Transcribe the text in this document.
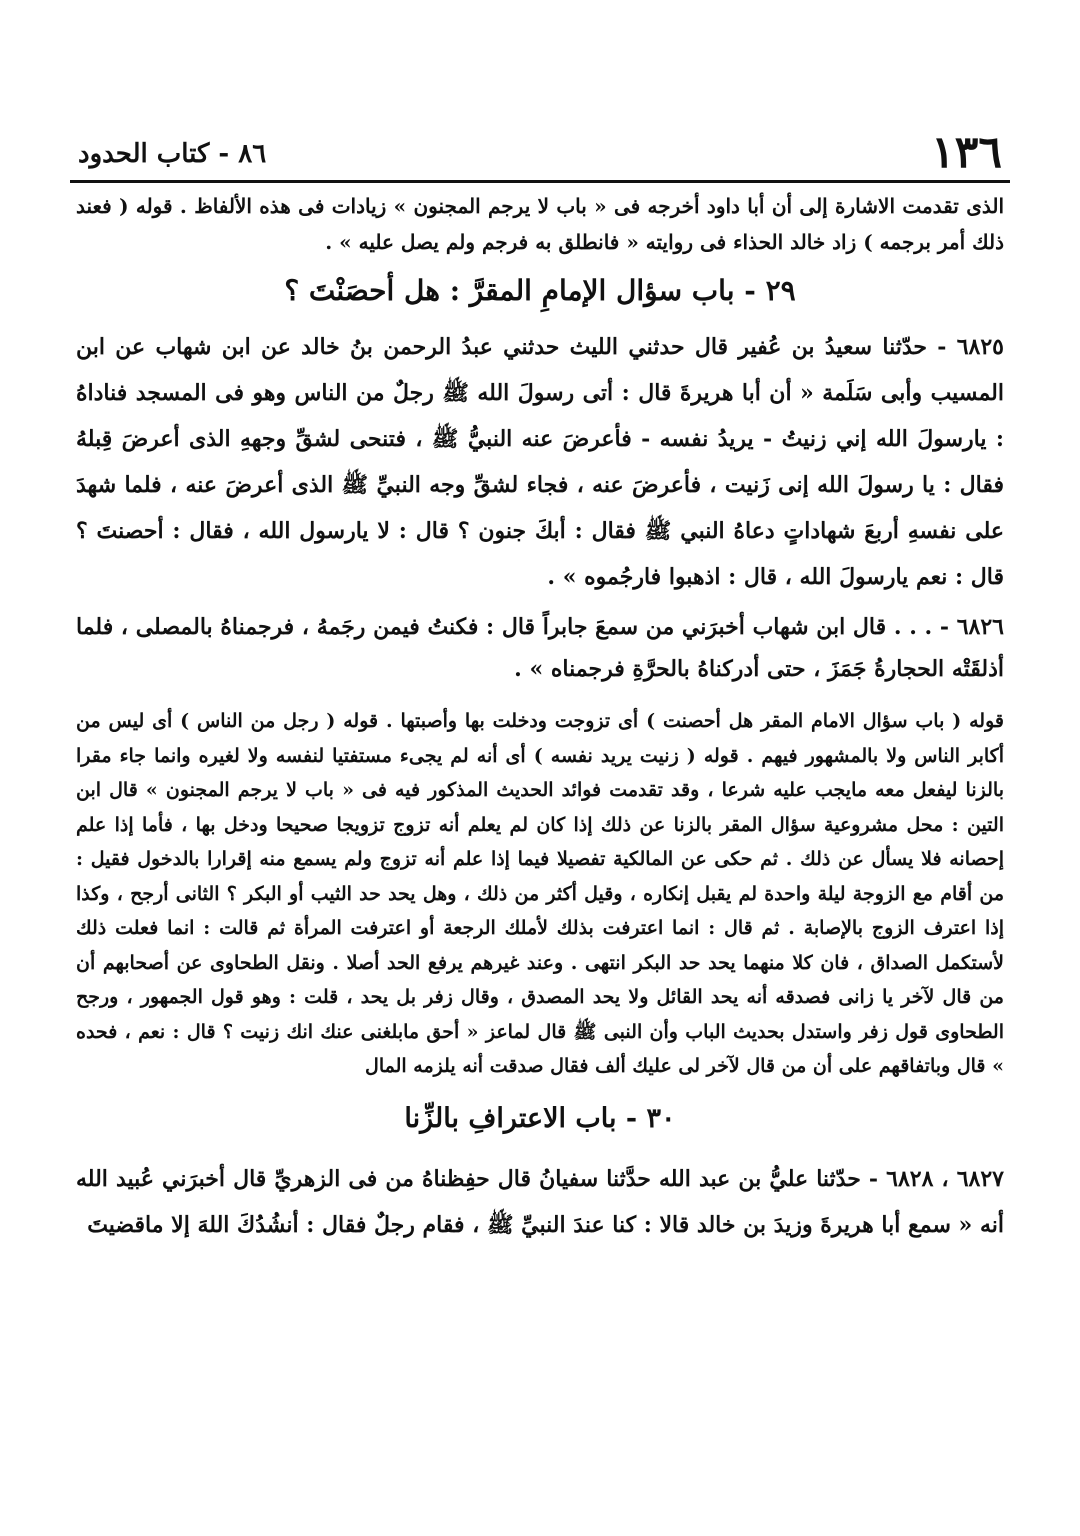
١٣٦
٨٦ - كتاب الحدود

الذى تقدمت الاشارة إلى أن أبا داود أخرجه فى « باب لا يرجم المجنون » زيادات فى هذه الألفاظ . قوله ( فعند ذلك أمر برجمه ) زاد خالد الحذاء فى روايته « فانطلق به فرجم ولم يصل عليه » .

٢٩ - باب سؤال الإمامِ المقرَّ : هل أحصَنْتَ ؟

٦٨٢٥ - حدّثنا سعيدُ بن عُفير قال حدثني الليث حدثني عبدُ الرحمن بنُ خالد عن ابن شهاب عن ابن المسيب وأبى سَلَمة « أن أبا هريرةَ قال : أتى رسولَ الله ﷺ رجلٌ من الناس وهو فى المسجد فناداهُ : يارسولَ الله إني زنيتُ - يريدُ نفسه - فأعرضَ عنه النبيُّ ﷺ ، فتنحى لشقِّ وجههِ الذى أعرضَ قِبلهُ فقال : يا رسولَ الله إنى زَنيت ، فأعرضَ عنه ، فجاء لشقِّ وجه النبيِّ ﷺ الذى أعرضَ عنه ، فلما شهدَ على نفسهِ أربعَ شهاداتٍ دعاهُ النبي ﷺ فقال : أبكَ جنون ؟ قال : لا يارسول الله ، فقال : أحصنتَ ؟ قال : نعم يارسولَ الله ، قال : اذهبوا فارجُموه » .

٦٨٢٦ - . . . قال ابن شهاب أخبرَني من سمعَ جابراً قال : فكنتُ فيمن رجَمهُ ، فرجمناهُ بالمصلى ، فلما أذلقَتْه الحجارةُ جَمَزَ ، حتى أدركناهُ بالحرَّةِ فرجمناه » .

قوله ( باب سؤال الامام المقر هل أحصنت ) أى تزوجت ودخلت بها وأصبتها . قوله ( رجل من الناس ) أى ليس من أكابر الناس ولا بالمشهور فيهم . قوله ( زنيت يريد نفسه ) أى أنه لم يجىء مستفتيا لنفسه ولا لغيره وانما جاء مقرا بالزنا ليفعل معه مايجب عليه شرعا ، وقد تقدمت فوائد الحديث المذكور فيه فى « باب لا يرجم المجنون » قال ابن التين : محل مشروعية سؤال المقر بالزنا عن ذلك إذا كان لم يعلم أنه تزوج تزويجا صحيحا ودخل بها ، فأما إذا علم إحصانه فلا يسأل عن ذلك . ثم حكى عن المالكية تفصيلا فيما إذا علم أنه تزوج ولم يسمع منه إقرارا بالدخول فقيل : من أقام مع الزوجة ليلة واحدة لم يقبل إنكاره ، وقيل أكثر من ذلك ، وهل يحد حد الثيب أو البكر ؟ الثانى أرجح ، وكذا إذا اعترف الزوج بالإصابة . ثم قال : انما اعترفت بذلك لأملك الرجعة أو اعترفت المرأة ثم قالت : انما فعلت ذلك لأستكمل الصداق ، فان كلا منهما يحد حد البكر انتهى . وعند غيرهم يرفع الحد أصلا . ونقل الطحاوى عن أصحابهم أن من قال لآخر يا زانى فصدقه أنه يحد القائل ولا يحد المصدق ، وقال زفر بل يحد ، قلت : وهو قول الجمهور ، ورجح الطحاوى قول زفر واستدل بحديث الباب وأن النبى ﷺ قال لماعز « أحق مابلغنى عنك انك زنيت ؟ قال : نعم ، فحده » قال وباتفاقهم على أن من قال لآخر لى عليك ألف فقال صدقت أنه يلزمه المال

٣٠ - باب الاعترافِ بالزِّنا

٦٨٢٧ ، ٦٨٢٨ - حدّثنا عليُّ بن عبد الله حدَّثنا سفيانُ قال حفِظناهُ من فى الزهريِّ قال أخبرَني عُبيد الله أنه « سمع أبا هريرةَ وزيدَ بن خالد قالا : كنا عندَ النبيِّ ﷺ ، فقام رجلٌ فقال : أنشُدُكَ اللهَ إلا ماقضيتَ
